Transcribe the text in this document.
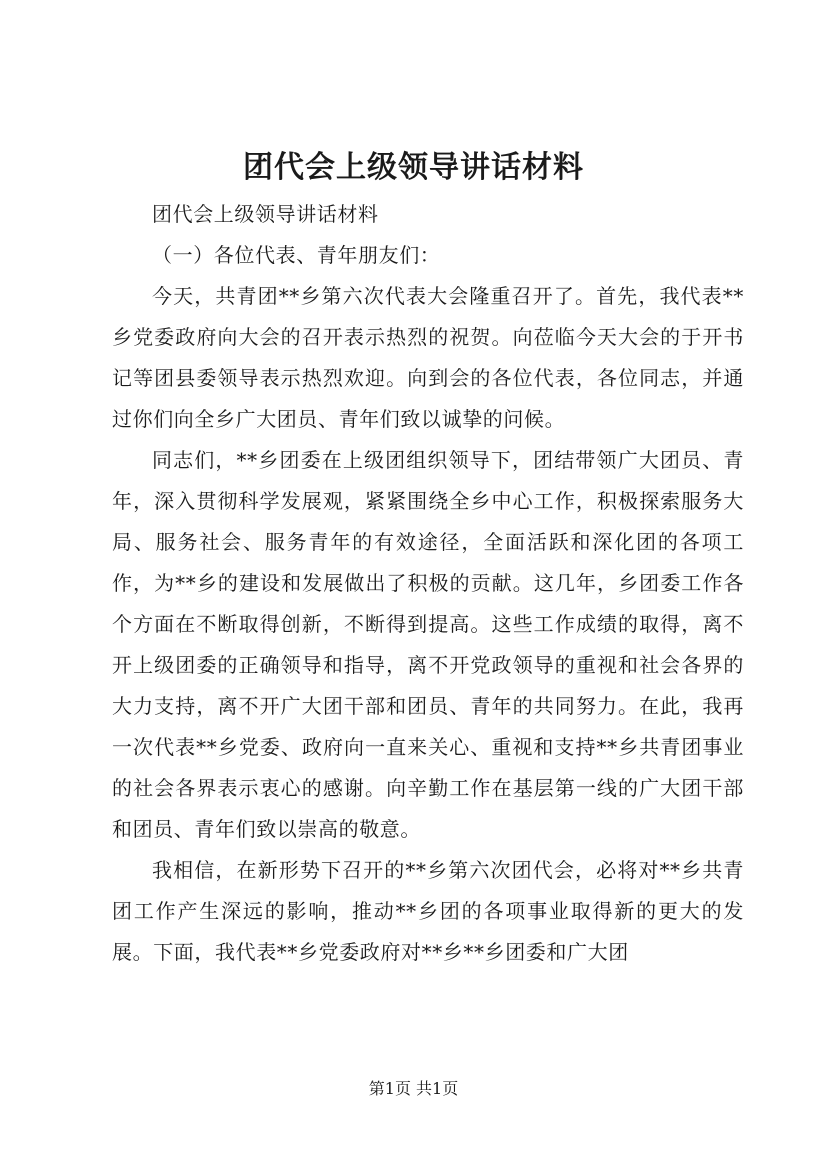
团代会上级领导讲话材料

团代会上级领导讲话材料

（一）各位代表、青年朋友们：

今天，共青团**乡第六次代表大会隆重召开了。首先，我代表**乡党委政府向大会的召开表示热烈的祝贺。向莅临今天大会的于开书记等团县委领导表示热烈欢迎。向到会的各位代表，各位同志，并通过你们向全乡广大团员、青年们致以诚挚的问候。

同志们，**乡团委在上级团组织领导下，团结带领广大团员、青年，深入贯彻科学发展观，紧紧围绕全乡中心工作，积极探索服务大局、服务社会、服务青年的有效途径，全面活跃和深化团的各项工作，为**乡的建设和发展做出了积极的贡献。这几年，乡团委工作各个方面在不断取得创新，不断得到提高。这些工作成绩的取得，离不开上级团委的正确领导和指导，离不开党政领导的重视和社会各界的大力支持，离不开广大团干部和团员、青年的共同努力。在此，我再一次代表**乡党委、政府向一直来关心、重视和支持**乡共青团事业的社会各界表示衷心的感谢。向辛勤工作在基层第一线的广大团干部和团员、青年们致以崇高的敬意。

我相信，在新形势下召开的**乡第六次团代会，必将对**乡共青团工作产生深远的影响，推动**乡团的各项事业取得新的更大的发展。下面，我代表**乡党委政府对**乡**乡团委和广大团

第1页 共1页
